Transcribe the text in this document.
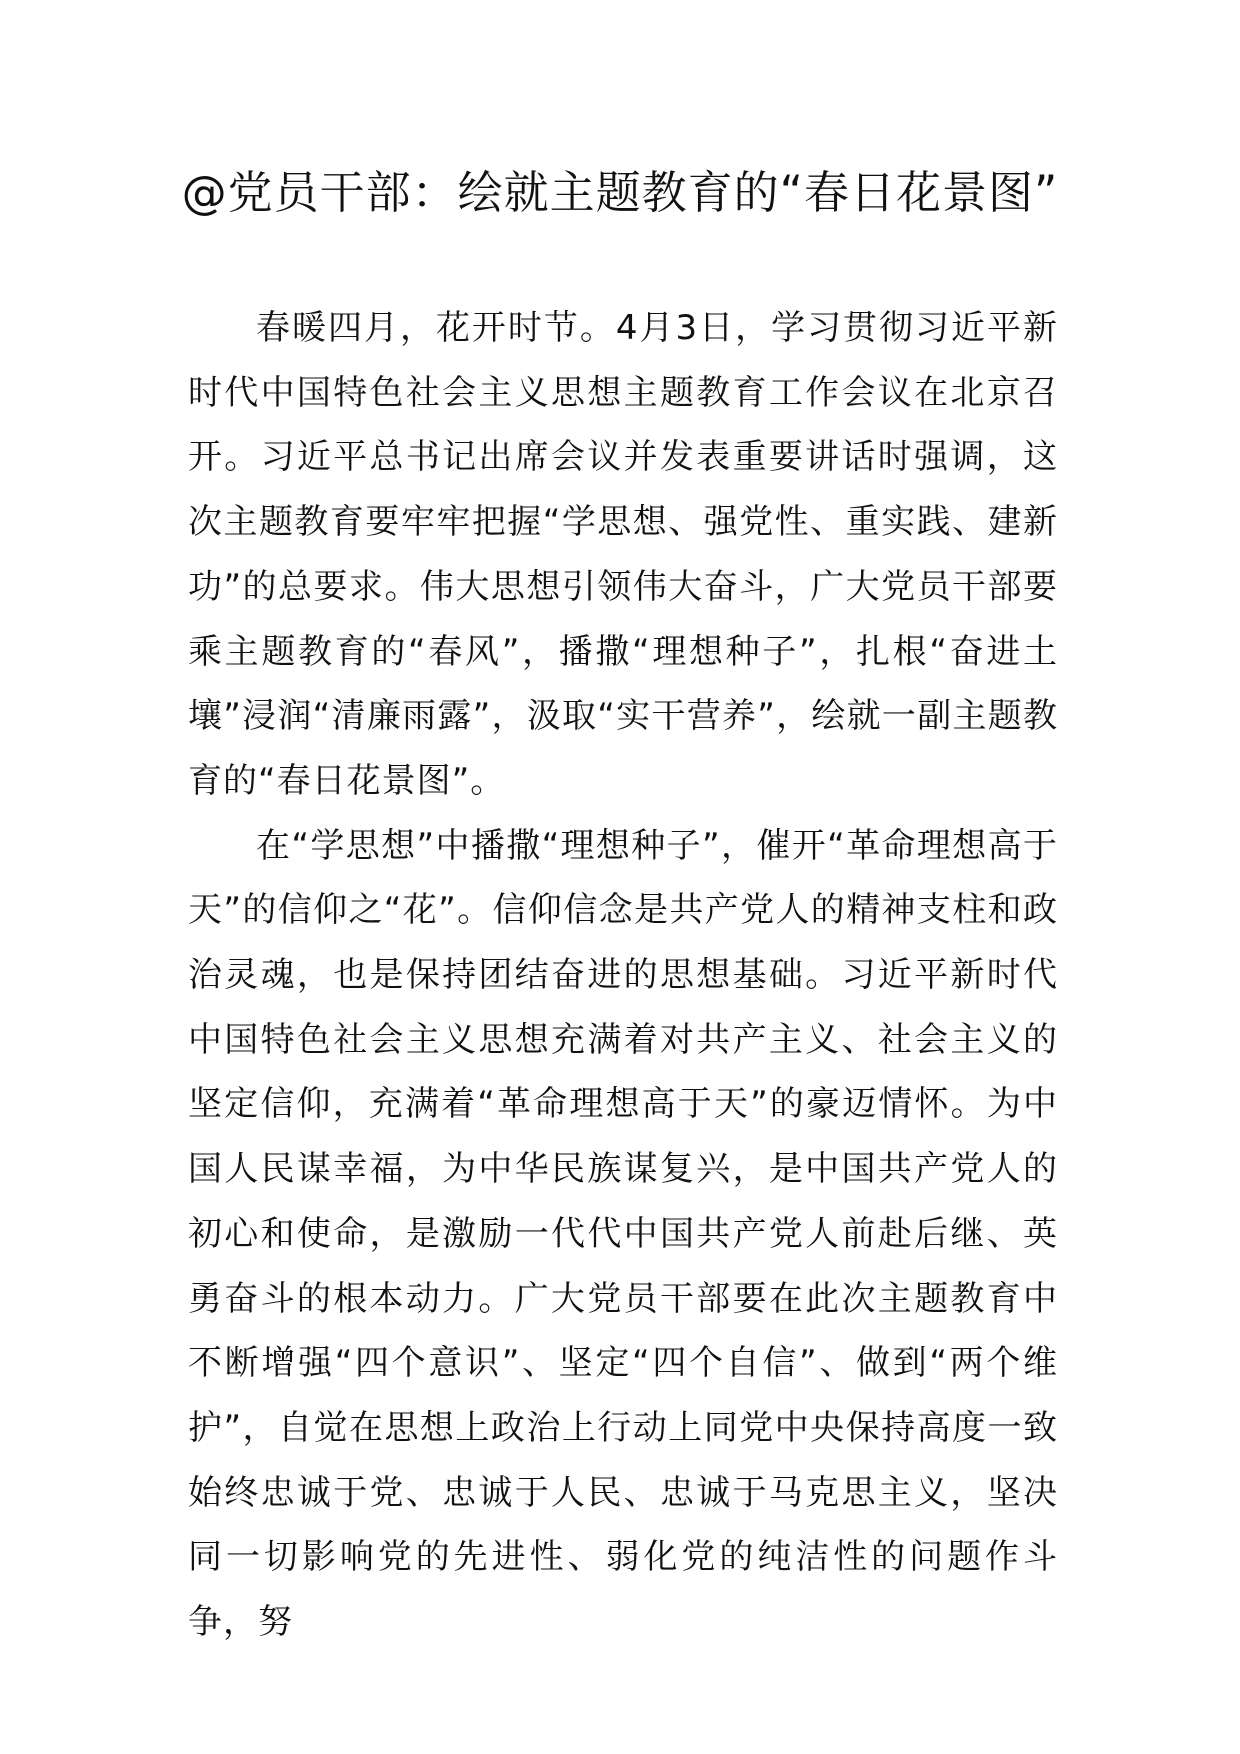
@党员干部：绘就主题教育的“春日花景图”

春暖四月，花开时节。4月3日，学习贯彻习近平新时代中国特色社会主义思想主题教育工作会议在北京召开。习近平总书记出席会议并发表重要讲话时强调，这次主题教育要牢牢把握“学思想、强党性、重实践、建新功”的总要求。伟大思想引领伟大奋斗，广大党员干部要乘主题教育的“春风”，播撒“理想种子”，扎根“奋进土壤”浸润“清廉雨露”，汲取“实干营养”，绘就一副主题教育的“春日花景图”。

在“学思想”中播撒“理想种子”，催开“革命理想高于天”的信仰之“花”。信仰信念是共产党人的精神支柱和政治灵魂，也是保持团结奋进的思想基础。习近平新时代中国特色社会主义思想充满着对共产主义、社会主义的坚定信仰，充满着“革命理想高于天”的豪迈情怀。为中国人民谋幸福，为中华民族谋复兴，是中国共产党人的初心和使命，是激励一代代中国共产党人前赴后继、英勇奋斗的根本动力。广大党员干部要在此次主题教育中不断增强“四个意识”、坚定“四个自信”、做到“两个维护”，自觉在思想上政治上行动上同党中央保持高度一致始终忠诚于党、忠诚于人民、忠诚于马克思主义，坚决同一切影响党的先进性、弱化党的纯洁性的问题作斗争，努
